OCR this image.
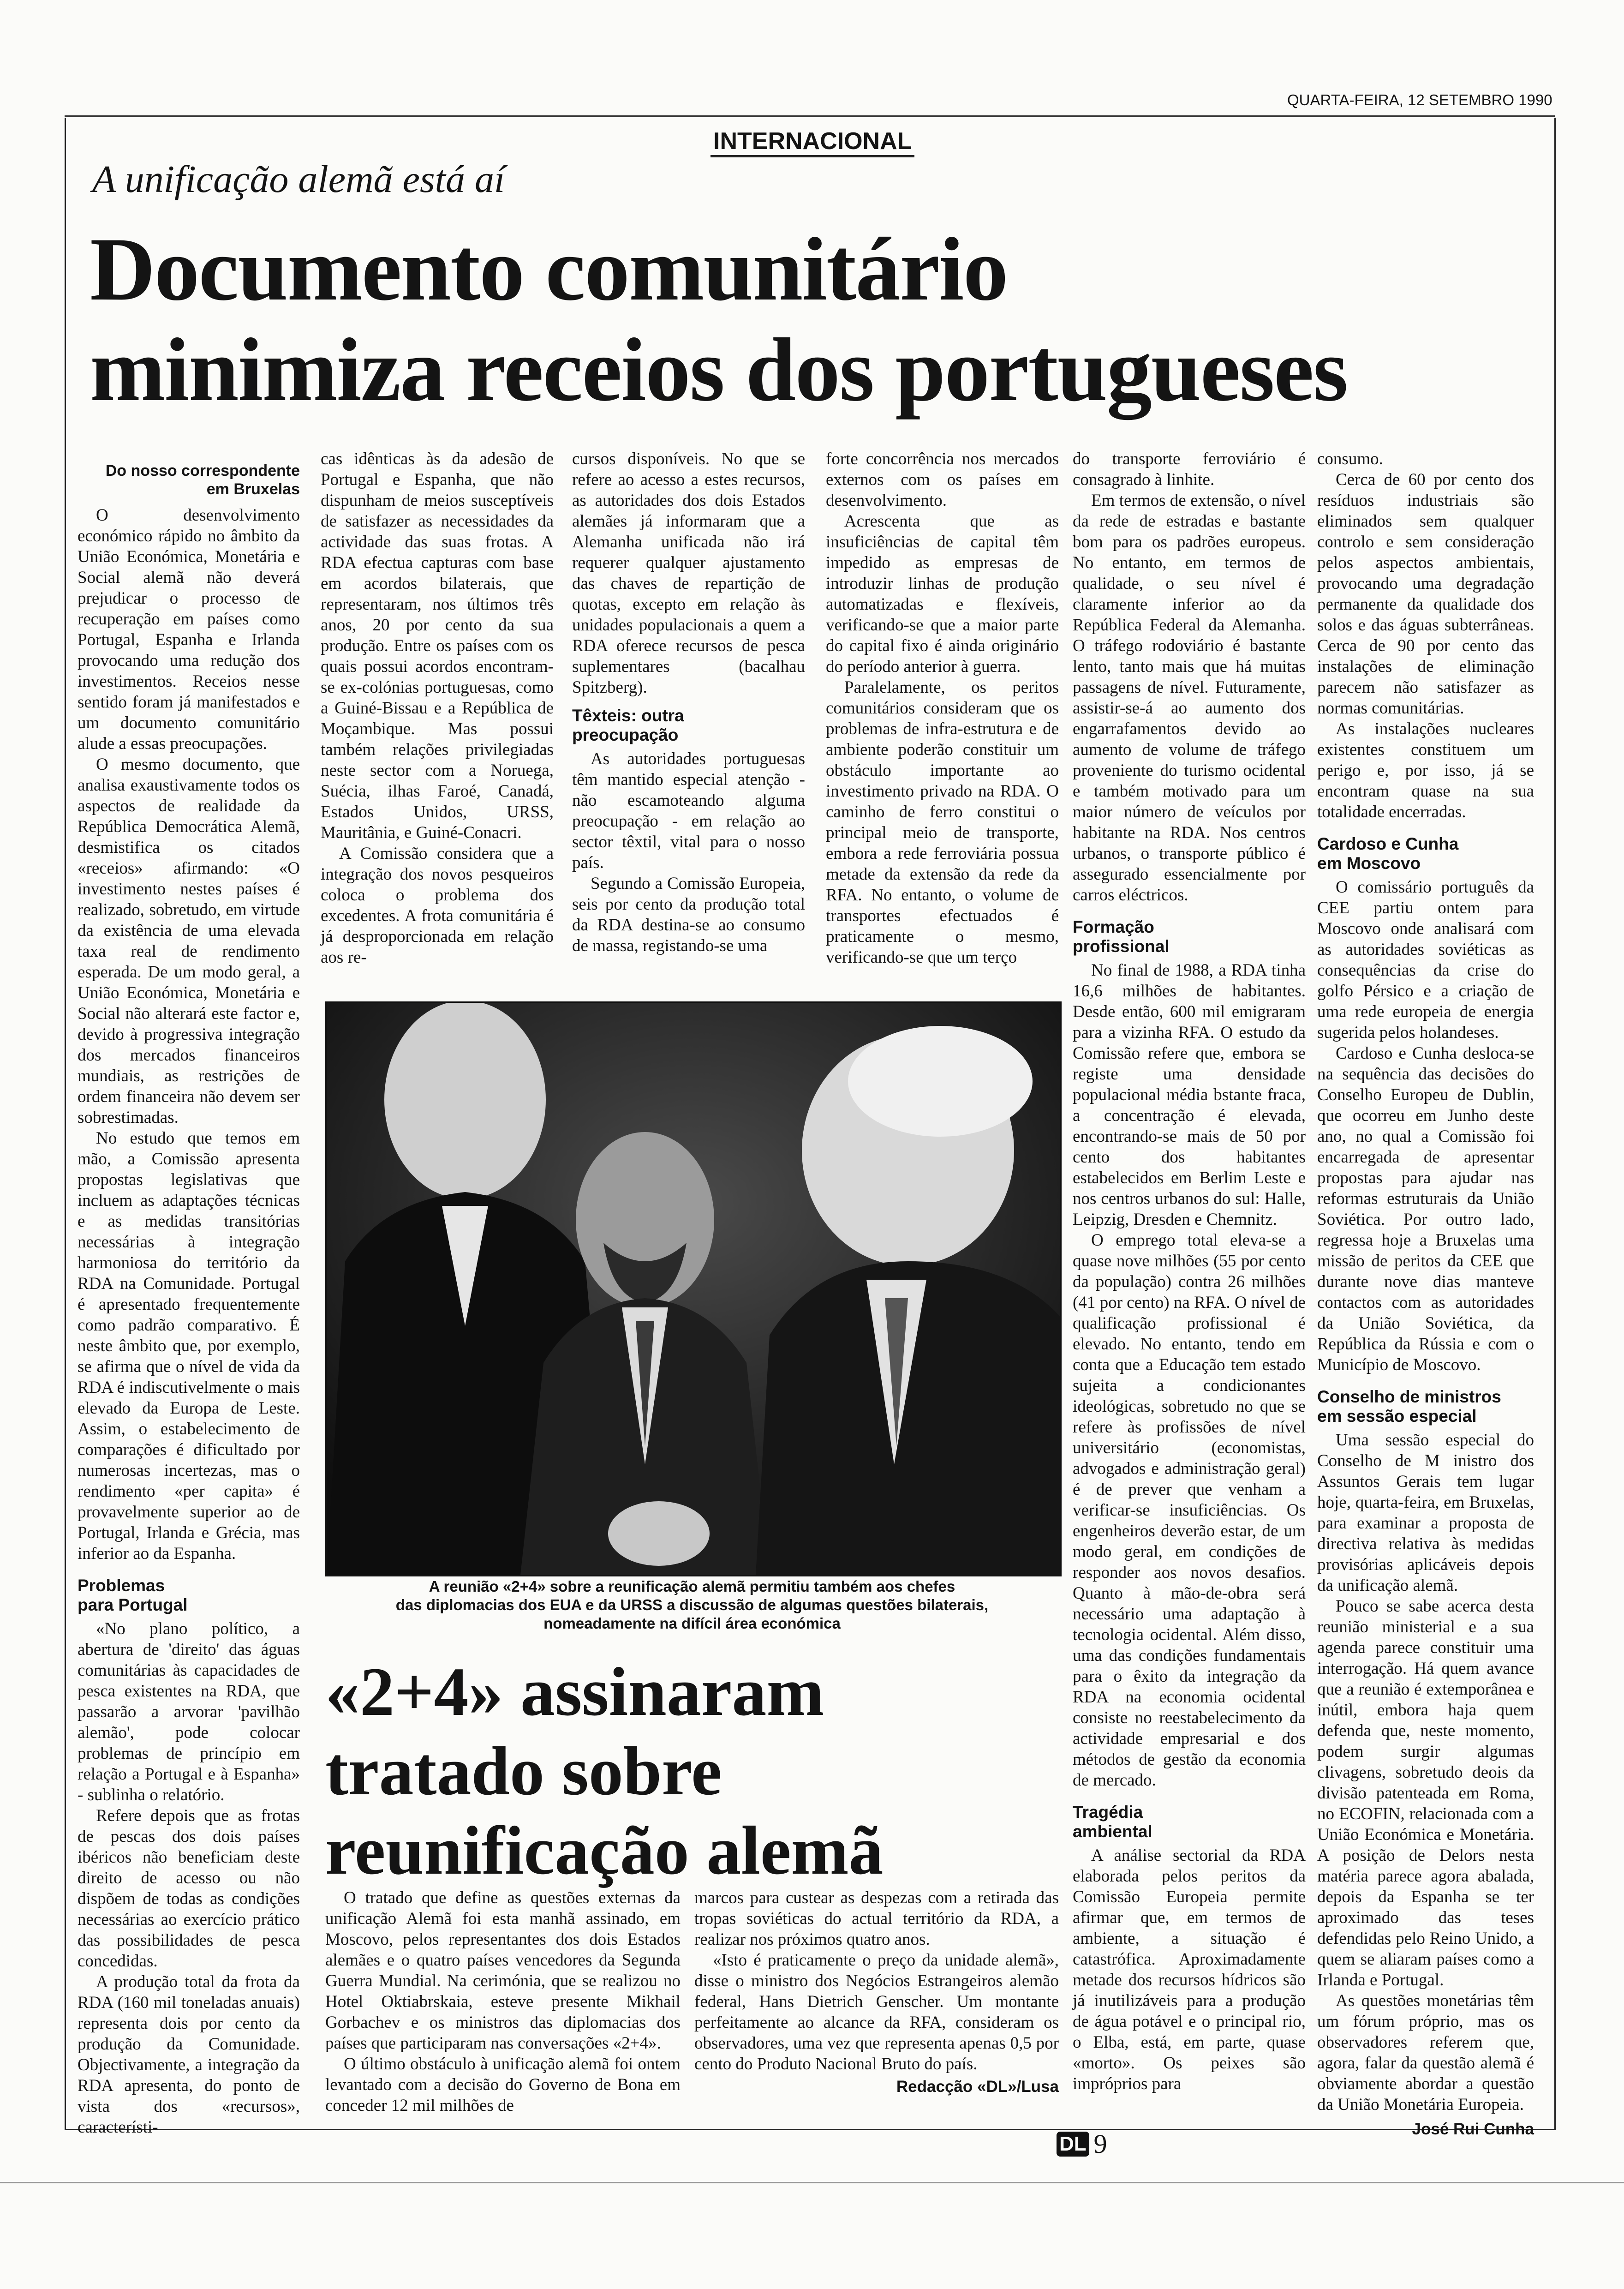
QUARTA-FEIRA, 12 SETEMBRO 1990
INTERNACIONAL
A unificação alemã está aí
Documento comunitário
minimiza receios dos portugueses
Do nosso correspondente
em Bruxelas

O desenvolvimento económico rápido no âmbito da União Económica, Monetária e Social alemã não deverá prejudicar o processo de recuperação em países como Portugal, Espanha e Irlanda provocando uma redução dos investimentos. Receios nesse sentido foram já manifestados e um documento comunitário alude a essas preocupações.

O mesmo documento, que analisa exaustivamente todos os aspectos de realidade da República Democrática Alemã, desmistifica os citados «receios» afirmando: «O investimento nestes países é realizado, sobretudo, em virtude da existência de uma elevada taxa real de rendimento esperada. De um modo geral, a União Económica, Monetária e Social não alterará este factor e, devido à progressiva integração dos mercados financeiros mundiais, as restrições de ordem financeira não devem ser sobrestimadas.

No estudo que temos em mão, a Comissão apresenta propostas legislativas que incluem as adaptações técnicas e as medidas transitórias necessárias à integração harmoniosa do território da RDA na Comunidade. Portugal é apresentado frequentemente como padrão comparativo. É neste âmbito que, por exemplo, se afirma que o nível de vida da RDA é indiscutivelmente o mais elevado da Europa de Leste. Assim, o estabelecimento de comparações é dificultado por numerosas incertezas, mas o rendimento «per capita» é provavelmente superior ao de Portugal, Irlanda e Grécia, mas inferior ao da Espanha.

Problemas
para Portugal

«No plano político, a abertura de 'direito' das águas comunitárias às capacidades de pesca existentes na RDA, que passarão a arvorar 'pavilhão alemão', pode colocar problemas de princípio em relação a Portugal e à Espanha» - sublinha o relatório.

Refere depois que as frotas de pescas dos dois países ibéricos não beneficiam deste direito de acesso ou não dispõem de todas as condições necessárias ao exercício prático das possibilidades de pesca concedidas.

A produção total da frota da RDA (160 mil toneladas anuais) representa dois por cento da produção da Comunidade. Objectivamente, a integração da RDA apresenta, do ponto de vista dos «recursos», característi-

cas idênticas às da adesão de Portugal e Espanha, que não dispunham de meios susceptíveis de satisfazer as necessidades da actividade das suas frotas. A RDA efectua capturas com base em acordos bilaterais, que representaram, nos últimos três anos, 20 por cento da sua produção. Entre os países com os quais possui acordos encontram-se ex-colónias portuguesas, como a Guiné-Bissau e a República de Moçambique. Mas possui também relações privilegiadas neste sector com a Noruega, Suécia, ilhas Faroé, Canadá, Estados Unidos, URSS, Mauritânia, e Guiné-Conacri.

A Comissão considera que a integração dos novos pesqueiros coloca o problema dos excedentes. A frota comunitária é já desproporcionada em relação aos re-

cursos disponíveis. No que se refere ao acesso a estes recursos, as autoridades dos dois Estados alemães já informaram que a Alemanha unificada não irá requerer qualquer ajustamento das chaves de repartição de quotas, excepto em relação às unidades populacionais a quem a RDA oferece recursos de pesca suplementares (bacalhau Spitzberg).

Têxteis: outra
preocupação

As autoridades portuguesas têm mantido especial atenção - não escamoteando alguma preocupação - em relação ao sector têxtil, vital para o nosso país.

Segundo a Comissão Europeia, seis por cento da produção total da RDA destina-se ao consumo de massa, registando-se uma

forte concorrência nos mercados externos com os países em desenvolvimento.

Acrescenta que as insuficiências de capital têm impedido as empresas de introduzir linhas de produção automatizadas e flexíveis, verificando-se que a maior parte do capital fixo é ainda originário do período anterior à guerra.

Paralelamente, os peritos comunitários consideram que os problemas de infra-estrutura e de ambiente poderão constituir um obstáculo importante ao investimento privado na RDA. O caminho de ferro constitui o principal meio de transporte, embora a rede ferroviária possua metade da extensão da rede da RFA. No entanto, o volume de transportes efectuados é praticamente o mesmo, verificando-se que um terço

A reunião «2+4» sobre a reunificação alemã permitiu também aos chefes
das diplomacias dos EUA e da URSS a discussão de algumas questões bilaterais,
nomeadamente na difícil área económica
«2+4» assinaram
tratado sobre
reunificação alemã

O tratado que define as questões externas da unificação Alemã foi esta manhã assinado, em Moscovo, pelos representantes dos dois Estados alemães e o quatro países vencedores da Segunda Guerra Mundial. Na cerimónia, que se realizou no Hotel Oktiabrskaia, esteve presente Mikhail Gorbachev e os ministros das diplomacias dos países que participaram nas conversações «2+4».

O último obstáculo à unificação alemã foi ontem levantado com a decisão do Governo de Bona em conceder 12 mil milhões de

marcos para custear as despezas com a retirada das tropas soviéticas do actual território da RDA, a realizar nos próximos quatro anos.

«Isto é praticamente o preço da unidade alemã», disse o ministro dos Negócios Estrangeiros alemão federal, Hans Dietrich Genscher. Um montante perfeitamente ao alcance da RFA, consideram os observadores, uma vez que representa apenas 0,5 por cento do Produto Nacional Bruto do país.

Redacção «DL»/Lusa

do transporte ferroviário é consagrado à linhite.

Em termos de extensão, o nível da rede de estradas e bastante bom para os padrões europeus. No entanto, em termos de qualidade, o seu nível é claramente inferior ao da República Federal da Alemanha. O tráfego rodoviário é bastante lento, tanto mais que há muitas passagens de nível. Futuramente, assistir-se-á ao aumento dos engarrafamentos devido ao aumento de volume de tráfego proveniente do turismo ocidental e também motivado para um maior número de veículos por habitante na RDA. Nos centros urbanos, o transporte público é assegurado essencialmente por carros eléctricos.

Formação
profissional

No final de 1988, a RDA tinha 16,6 milhões de habitantes. Desde então, 600 mil emigraram para a vizinha RFA. O estudo da Comissão refere que, embora se registe uma densidade populacional média bstante fraca, a concentração é elevada, encontrando-se mais de 50 por cento dos habitantes estabelecidos em Berlim Leste e nos centros urbanos do sul: Halle, Leipzig, Dresden e Chemnitz.

O emprego total eleva-se a quase nove milhões (55 por cento da população) contra 26 milhões (41 por cento) na RFA. O nível de qualificação profissional é elevado. No entanto, tendo em conta que a Educação tem estado sujeita a condicionantes ideológicas, sobretudo no que se refere às profissões de nível universitário (economistas, advogados e administração geral) é de prever que venham a verificar-se insuficiências. Os engenheiros deverão estar, de um modo geral, em condições de responder aos novos desafios. Quanto à mão-de-obra será necessário uma adaptação à tecnologia ocidental. Além disso, uma das condições fundamentais para o êxito da integração da RDA na economia ocidental consiste no reestabelecimento da actividade empresarial e dos métodos de gestão da economia de mercado.

Tragédia
ambiental

A análise sectorial da RDA elaborada pelos peritos da Comissão Europeia permite afirmar que, em termos de ambiente, a situação é catastrófica. Aproximadamente metade dos recursos hídricos são já inutilizáveis para a produção de água potável e o principal rio, o Elba, está, em parte, quase «morto». Os peixes são impróprios para

consumo.

Cerca de 60 por cento dos resíduos industriais são eliminados sem qualquer controlo e sem consideração pelos aspectos ambientais, provocando uma degradação permanente da qualidade dos solos e das águas subterrâneas. Cerca de 90 por cento das instalações de eliminação parecem não satisfazer as normas comunitárias.

As instalações nucleares existentes constituem um perigo e, por isso, já se encontram quase na sua totalidade encerradas.

Cardoso e Cunha
em Moscovo

O comissário português da CEE partiu ontem para Moscovo onde analisará com as autoridades soviéticas as consequências da crise do golfo Pérsico e a criação de uma rede europeia de energia sugerida pelos holandeses.

Cardoso e Cunha desloca-se na sequência das decisões do Conselho Europeu de Dublin, que ocorreu em Junho deste ano, no qual a Comissão foi encarregada de apresentar propostas para ajudar nas reformas estruturais da União Soviética. Por outro lado, regressa hoje a Bruxelas uma missão de peritos da CEE que durante nove dias manteve contactos com as autoridades da União Soviética, da República da Rússia e com o Município de Moscovo.

Conselho de ministros
em sessão especial

Uma sessão especial do Conselho de M inistro dos Assuntos Gerais tem lugar hoje, quarta-feira, em Bruxelas, para examinar a proposta de directiva relativa às medidas provisórias aplicáveis depois da unificação alemã.

Pouco se sabe acerca desta reunião ministerial e a sua agenda parece constituir uma interrogação. Há quem avance que a reunião é extemporânea e inútil, embora haja quem defenda que, neste momento, podem surgir algumas clivagens, sobretudo deois da divisão patenteada em Roma, no ECOFIN, relacionada com a União Económica e Monetária. A posição de Delors nesta matéria parece agora abalada, depois da Espanha se ter aproximado das teses defendidas pelo Reino Unido, a quem se aliaram países como a Irlanda e Portugal.

As questões monetárias têm um fórum próprio, mas os observadores referem que, agora, falar da questão alemã é obviamente abordar a questão da União Monetária Europeia.

José Rui Cunha
DL 9
